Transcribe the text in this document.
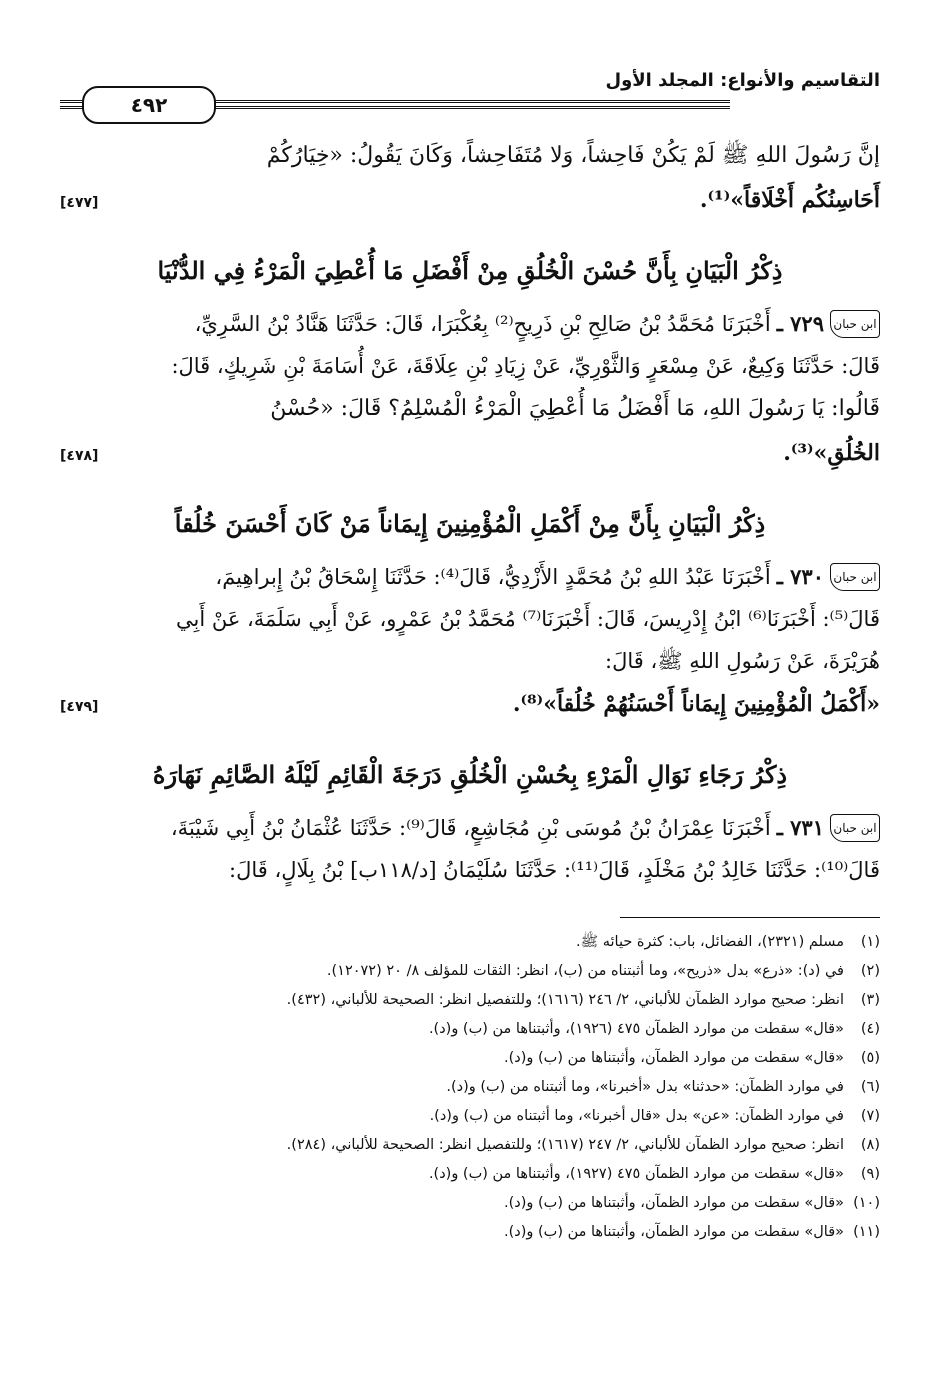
التقاسيم والأنواع: المجلد الأول
٤٩٢
إنَّ رَسُولَ اللهِ ﷺ لَمْ يَكُنْ فَاحِشاً، وَلا مُتَفَاحِشاً، وَكَانَ يَقُولُ: «خِيَارُكُمْ
أَحَاسِنُكُم أَخْلَاقاً»⁽¹⁾.
[٤٧٧]
ذِكْرُ الْبَيَانِ بِأَنَّ حُسْنَ الْخُلُقِ مِنْ أَفْضَلِ مَا أُعْطِيَ الْمَرْءُ فِي الدُّنْيَا
ابن حبان
٧٢٩ ـ
أَخْبَرَنَا مُحَمَّدُ بْنُ صَالِحِ بْنِ ذَرِيحٍ⁽²⁾ بِعُكْبَرَا، قَالَ: حَدَّثَنَا هَنَّادُ بْنُ السَّرِيِّ،
قَالَ: حَدَّثَنَا وَكِيعٌ، عَنْ مِسْعَرٍ وَالثَّوْرِيِّ، عَنْ زِيَادِ بْنِ عِلَاقَةَ، عَنْ أُسَامَةَ بْنِ شَرِيكٍ، قَالَ:
قَالُوا: يَا رَسُولَ اللهِ، مَا أَفْضَلُ مَا أُعْطِيَ الْمَرْءُ الْمُسْلِمُ؟ قَالَ: «حُسْنُ
الخُلُقِ»⁽³⁾.
[٤٧٨]
ذِكْرُ الْبَيَانِ بِأَنَّ مِنْ أَكْمَلِ الْمُؤْمِنِينَ إِيمَاناً مَنْ كَانَ أَحْسَنَ خُلُقاً
ابن حبان
٧٣٠ ـ
أَخْبَرَنَا عَبْدُ اللهِ بْنُ مُحَمَّدٍ الأَزْدِيُّ، قَالَ⁽⁴⁾: حَدَّثَنَا إِسْحَاقُ بْنُ إِبراهِيمَ،
قَالَ⁽⁵⁾: أَخْبَرَنَا⁽⁶⁾ ابْنُ إِدْرِيسَ، قَالَ: أَخْبَرَنَا⁽⁷⁾ مُحَمَّدُ بْنُ عَمْرٍو، عَنْ أَبِي سَلَمَةَ، عَنْ أَبِي
هُرَيْرَةَ، عَنْ رَسُولِ اللهِ ﷺ، قَالَ:
«أَكْمَلُ الْمُؤْمِنِينَ إِيمَاناً أَحْسَنُهُمْ خُلُقاً»⁽⁸⁾.
[٤٧٩]
ذِكْرُ رَجَاءِ نَوَالِ الْمَرْءِ بِحُسْنِ الْخُلُقِ دَرَجَةَ الْقَائِمِ لَيْلَهُ الصَّائِمِ نَهَارَهُ
ابن حبان
٧٣١ ـ
أَخْبَرَنَا عِمْرَانُ بْنُ مُوسَى بْنِ مُجَاشِعٍ، قَالَ⁽⁹⁾: حَدَّثَنَا عُثْمَانُ بْنُ أَبِي شَيْبَةَ،
قَالَ⁽¹⁰⁾: حَدَّثَنَا خَالِدُ بْنُ مَخْلَدٍ، قَالَ⁽¹¹⁾: حَدَّثَنَا سُلَيْمَانُ [د/١١٨ب] بْنُ بِلَالٍ، قَالَ:
(١)مسلم (٢٣٢١)، الفضائل، باب: كثرة حيائه ﷺ.
(٢)في (د): «ذرع» بدل «ذريح»، وما أثبتناه من (ب)، انظر: الثقات للمؤلف ٨/ ٢٠ (١٢٠٧٢).
(٣)انظر: صحيح موارد الظمآن للألباني، ٢/ ٢٤٦ (١٦١٦)؛ وللتفصيل انظر: الصحيحة للألباني، (٤٣٢).
(٤)«قال» سقطت من موارد الظمآن ٤٧٥ (١٩٢٦)، وأثبتناها من (ب) و(د).
(٥)«قال» سقطت من موارد الظمآن، وأثبتناها من (ب) و(د).
(٦)في موارد الظمآن: «حدثنا» بدل «أخبرنا»، وما أثبتناه من (ب) و(د).
(٧)في موارد الظمآن: «عن» بدل «قال أخبرنا»، وما أثبتناه من (ب) و(د).
(٨)انظر: صحيح موارد الظمآن للألباني، ٢/ ٢٤٧ (١٦١٧)؛ وللتفصيل انظر: الصحيحة للألباني، (٢٨٤).
(٩)«قال» سقطت من موارد الظمآن ٤٧٥ (١٩٢٧)، وأثبتناها من (ب) و(د).
(١٠)«قال» سقطت من موارد الظمآن، وأثبتناها من (ب) و(د).
(١١)«قال» سقطت من موارد الظمآن، وأثبتناها من (ب) و(د).
